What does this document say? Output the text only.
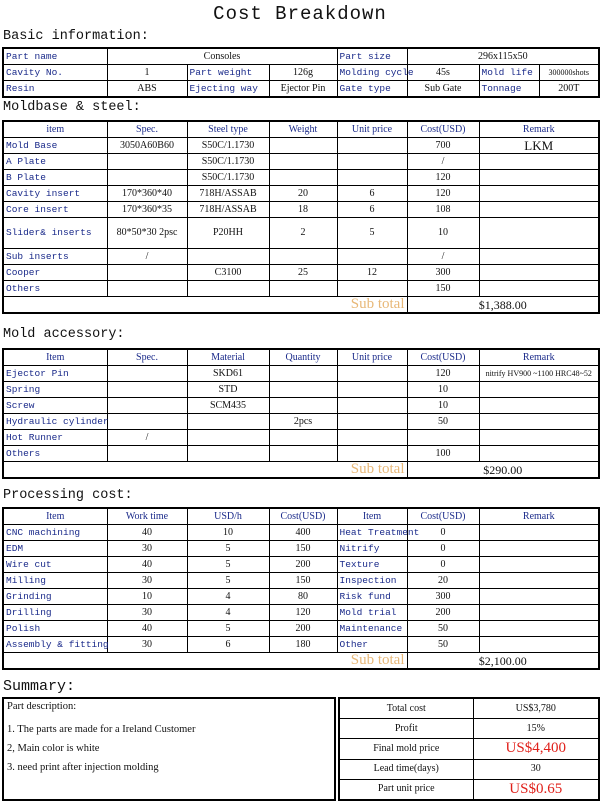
Cost Breakdown
Basic information:
Part name	Consoles			Part size	296x115x50		
Cavity No.	1	Part weight	126g	Molding cycle	45s	Mold life	300000shots
Resin	ABS	Ejecting way	Ejector Pin	Gate type	Sub Gate	Tonnage	200T
Moldbase & steel:
item	Spec.	Steel type	Weight	Unit price	Cost(USD)	Remark
Mold Base	3050A60B60	S50C/1.1730			700	LKM
A Plate		S50C/1.1730			/	
B Plate		S50C/1.1730			120	
Cavity insert	170*360*40	718H/ASSAB	20	6	120	
Core insert	170*360*35	718H/ASSAB	18	6	108	
Slider& inserts	80*50*30 2psc	P20HH	2	5	10	
Sub inserts	/				/	
Cooper		C3100	25	12	300	
Others					150	
Sub total					$1,388.00	
Mold accessory:
Item	Spec.	Material	Quantity	Unit price	Cost(USD)	Remark
Ejector Pin		SKD61			120	nitrify HV900 ~1100 HRC48~52
Spring		STD			10	
Screw		SCM435			10	
Hydraulic cylinder			2pcs		50	
Hot Runner	/					
Others					100	
Sub total					$290.00	
Processing cost:
Item	Work time	USD/h	Cost(USD)	Item	Cost(USD)	Remark
CNC machining	40	10	400	Heat Treatment	0	
EDM	30	5	150	Nitrify	0	
Wire cut	40	5	200	Texture	0	
Milling	30	5	150	Inspection	20	
Grinding	10	4	80	Risk fund	300	
Drilling	30	4	120	Mold trial	200	
Polish	40	5	200	Maintenance	50	
Assembly & fitting	30	6	180	Other	50	
Sub total					$2,100.00	
Summary:
Part description:
1. The parts are made for a Ireland Customer
2, Main color is white
3. need print after injection molding
Total cost	US$3,780
Profit	15%
Final mold price	US$4,400
Lead time(days)	30
Part unit price	US$0.65
